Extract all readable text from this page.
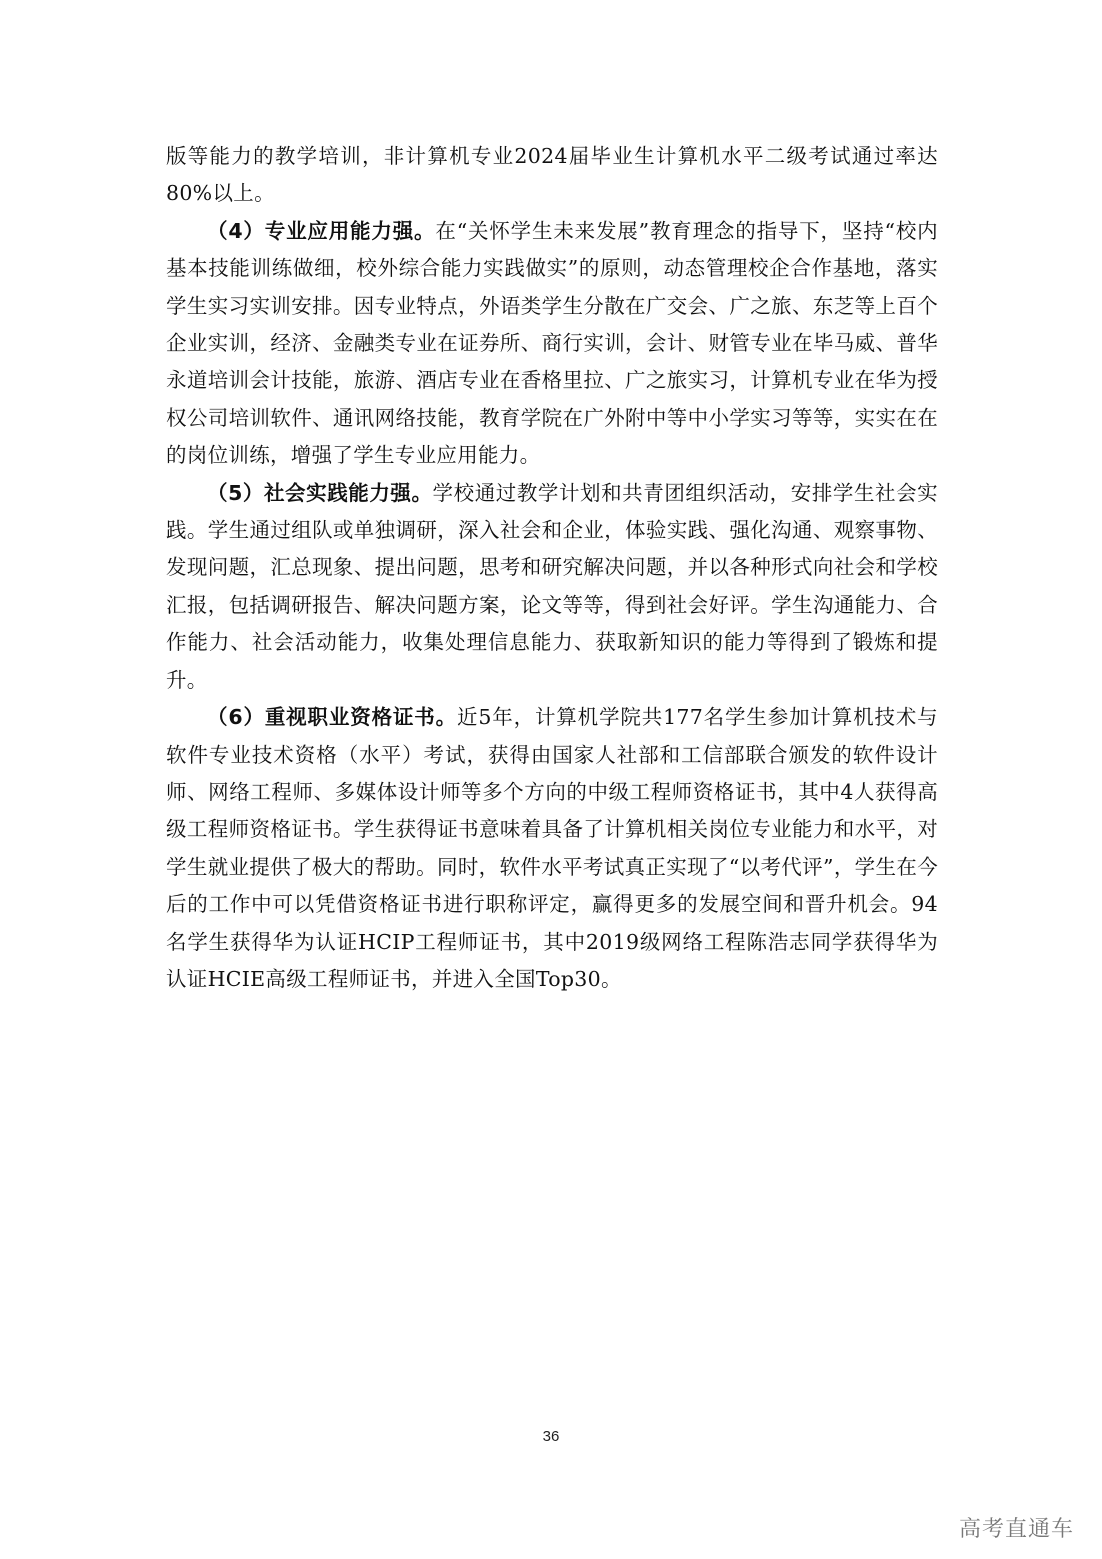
版等能力的教学培训，非计算机专业2024届毕业生计算机水平二级考试通过率达80%以上。

（4）专业应用能力强。在“关怀学生未来发展”教育理念的指导下，坚持“校内基本技能训练做细，校外综合能力实践做实”的原则，动态管理校企合作基地，落实学生实习实训安排。因专业特点，外语类学生分散在广交会、广之旅、东芝等上百个企业实训，经济、金融类专业在证券所、商行实训，会计、财管专业在毕马威、普华永道培训会计技能，旅游、酒店专业在香格里拉、广之旅实习，计算机专业在华为授权公司培训软件、通讯网络技能，教育学院在广外附中等中小学实习等等，实实在在的岗位训练，增强了学生专业应用能力。

（5）社会实践能力强。学校通过教学计划和共青团组织活动，安排学生社会实践。学生通过组队或单独调研，深入社会和企业，体验实践、强化沟通、观察事物、发现问题，汇总现象、提出问题，思考和研究解决问题，并以各种形式向社会和学校汇报，包括调研报告、解决问题方案，论文等等，得到社会好评。学生沟通能力、合作能力、社会活动能力，收集处理信息能力、获取新知识的能力等得到了锻炼和提升。

（6）重视职业资格证书。近5年，计算机学院共177名学生参加计算机技术与软件专业技术资格（水平）考试，获得由国家人社部和工信部联合颁发的软件设计师、网络工程师、多媒体设计师等多个方向的中级工程师资格证书，其中4人获得高级工程师资格证书。学生获得证书意味着具备了计算机相关岗位专业能力和水平，对学生就业提供了极大的帮助。同时，软件水平考试真正实现了“以考代评”，学生在今后的工作中可以凭借资格证书进行职称评定，赢得更多的发展空间和晋升机会。94名学生获得华为认证HCIP工程师证书，其中2019级网络工程陈浩志同学获得华为认证HCIE高级工程师证书，并进入全国Top30。

36
高考直通车
